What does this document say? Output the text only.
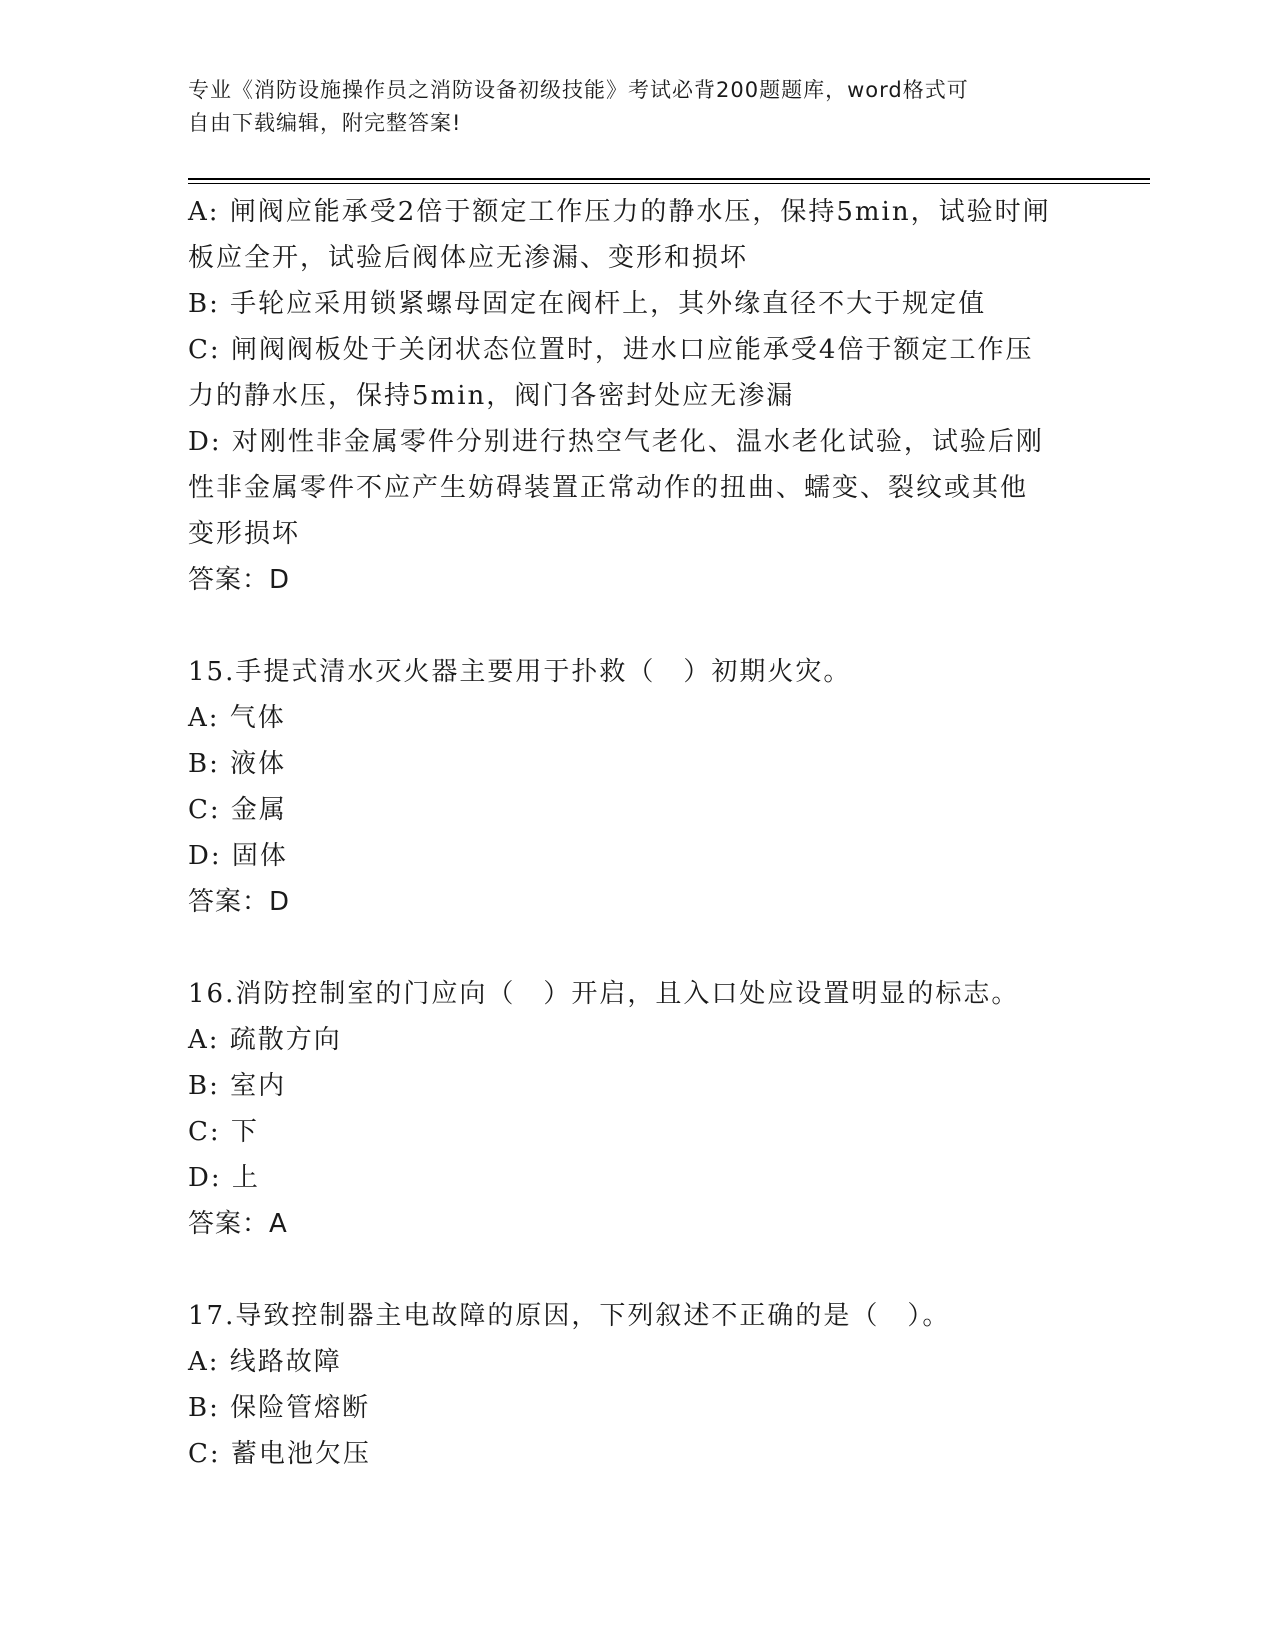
专业《消防设施操作员之消防设备初级技能》考试必背200题题库，word格式可
自由下载编辑，附完整答案!
A: 闸阀应能承受2倍于额定工作压力的静水压，保持5min，试验时闸
板应全开，试验后阀体应无渗漏、变形和损坏
B: 手轮应采用锁紧螺母固定在阀杆上，其外缘直径不大于规定值
C: 闸阀阀板处于关闭状态位置时，进水口应能承受4倍于额定工作压
力的静水压，保持5min，阀门各密封处应无渗漏
D: 对刚性非金属零件分别进行热空气老化、温水老化试验，试验后刚
性非金属零件不应产生妨碍装置正常动作的扭曲、蠕变、裂纹或其他
变形损坏
答案：D
15.手提式清水灭火器主要用于扑救（　）初期火灾。
A: 气体
B: 液体
C: 金属
D: 固体
答案：D
16.消防控制室的门应向（　）开启，且入口处应设置明显的标志。
A: 疏散方向
B: 室内
C: 下
D: 上
答案：A
17.导致控制器主电故障的原因，下列叙述不正确的是（　）。
A: 线路故障
B: 保险管熔断
C: 蓄电池欠压
